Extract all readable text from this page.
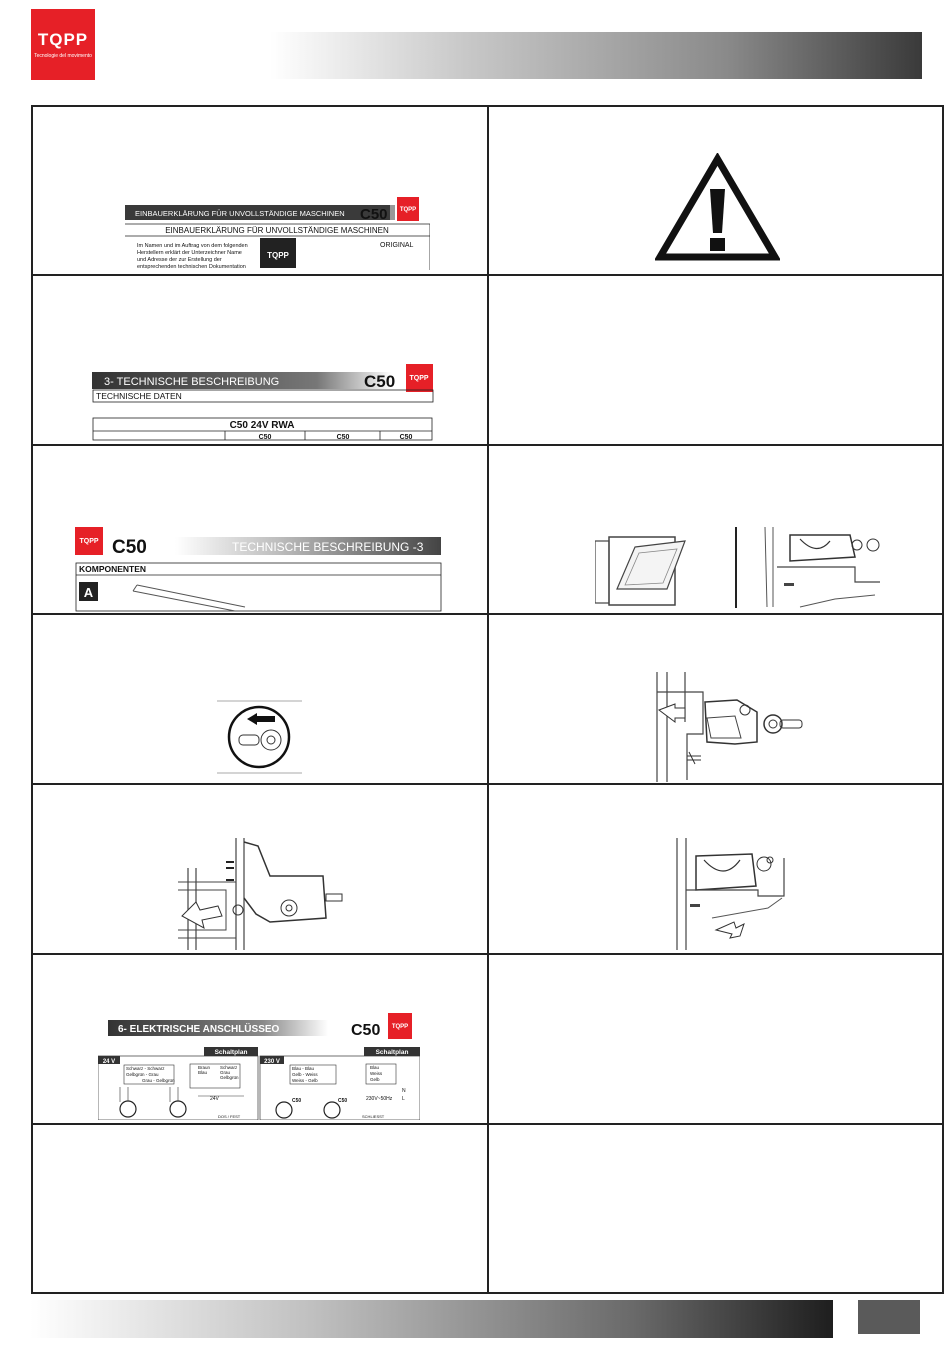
TQPP
Tecnologie del movimento
EINBAUERKLÄRUNG FÜR UNVOLLSTÄNDIGE MASCHINEN C50 TQPP
EINBAUERKLÄRUNG FÜR UNVOLLSTÄNDIGE MASCHINEN
Im Namen und im Auftrag von dem folgenden
Herstellern erklärt der Unterzeichner Name
und Adresse der zur Erstellung der
entsprechenden technischen Dokumentation
TQPP
ORIGINAL
3- TECHNISCHE BESCHREIBUNG	C50 TQPP
TECHNISCHE DATEN
C50 24V RWA
C50	C50	C50
TQPP C50	TECHNISCHE BESCHREIBUNG -3
KOMPONENTEN
A
6- ELEKTRISCHE ANSCHLÜSSEO	C50 TQPP
24 V
Schaltplan
Schwarz - Schwarz
Gelbgrün - Grau
Grau - Gelbgrün
Braun
Blau
Schwarz
Grau
Gelbgrün
24V
DOS / FEST
230 V
Schaltplan
Blau - Blau
Gelb - Weiss
Weiss - Gelb
Blau
Weiss
Gelb
C50	C50	230V~50Hz
N
L
SCHLIESST
